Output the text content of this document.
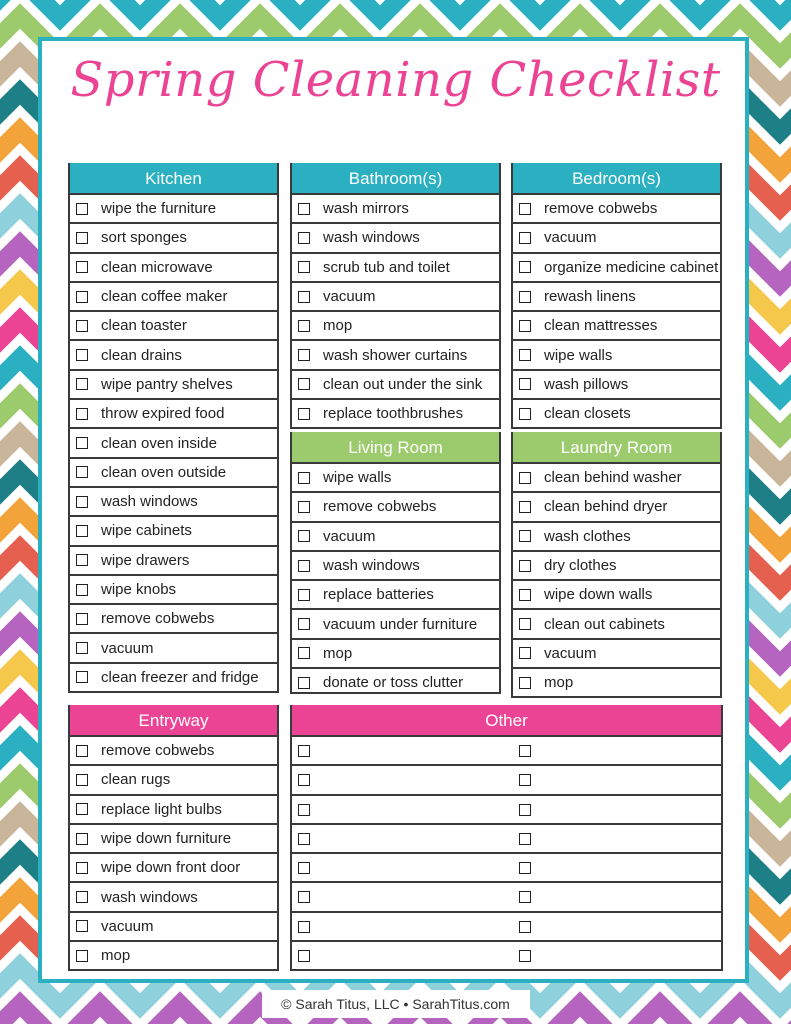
Spring Cleaning Checklist
Kitchen
wipe the furniture
sort sponges
clean microwave
clean coffee maker
clean toaster
clean drains
wipe pantry shelves
throw expired food
clean oven inside
clean oven outside
wash windows
wipe cabinets
wipe drawers
wipe knobs
remove cobwebs
vacuum
clean freezer and fridge
Bathroom(s)
wash mirrors
wash windows
scrub tub and toilet
vacuum
mop
wash shower curtains
clean out under the sink
replace toothbrushes
Bedroom(s)
remove cobwebs
vacuum
organize medicine cabinet
rewash linens
clean mattresses
wipe walls
wash pillows
clean closets
Living Room
wipe walls
remove cobwebs
vacuum
wash windows
replace batteries
vacuum under furniture
mop
donate or toss clutter
Laundry Room
clean behind washer
clean behind dryer
wash clothes
dry clothes
wipe down walls
clean out cabinets
vacuum
mop
Entryway
remove cobwebs
clean rugs
replace light bulbs
wipe down furniture
wipe down front door
wash windows
vacuum
mop
Other
© Sarah Titus, LLC • SarahTitus.com
